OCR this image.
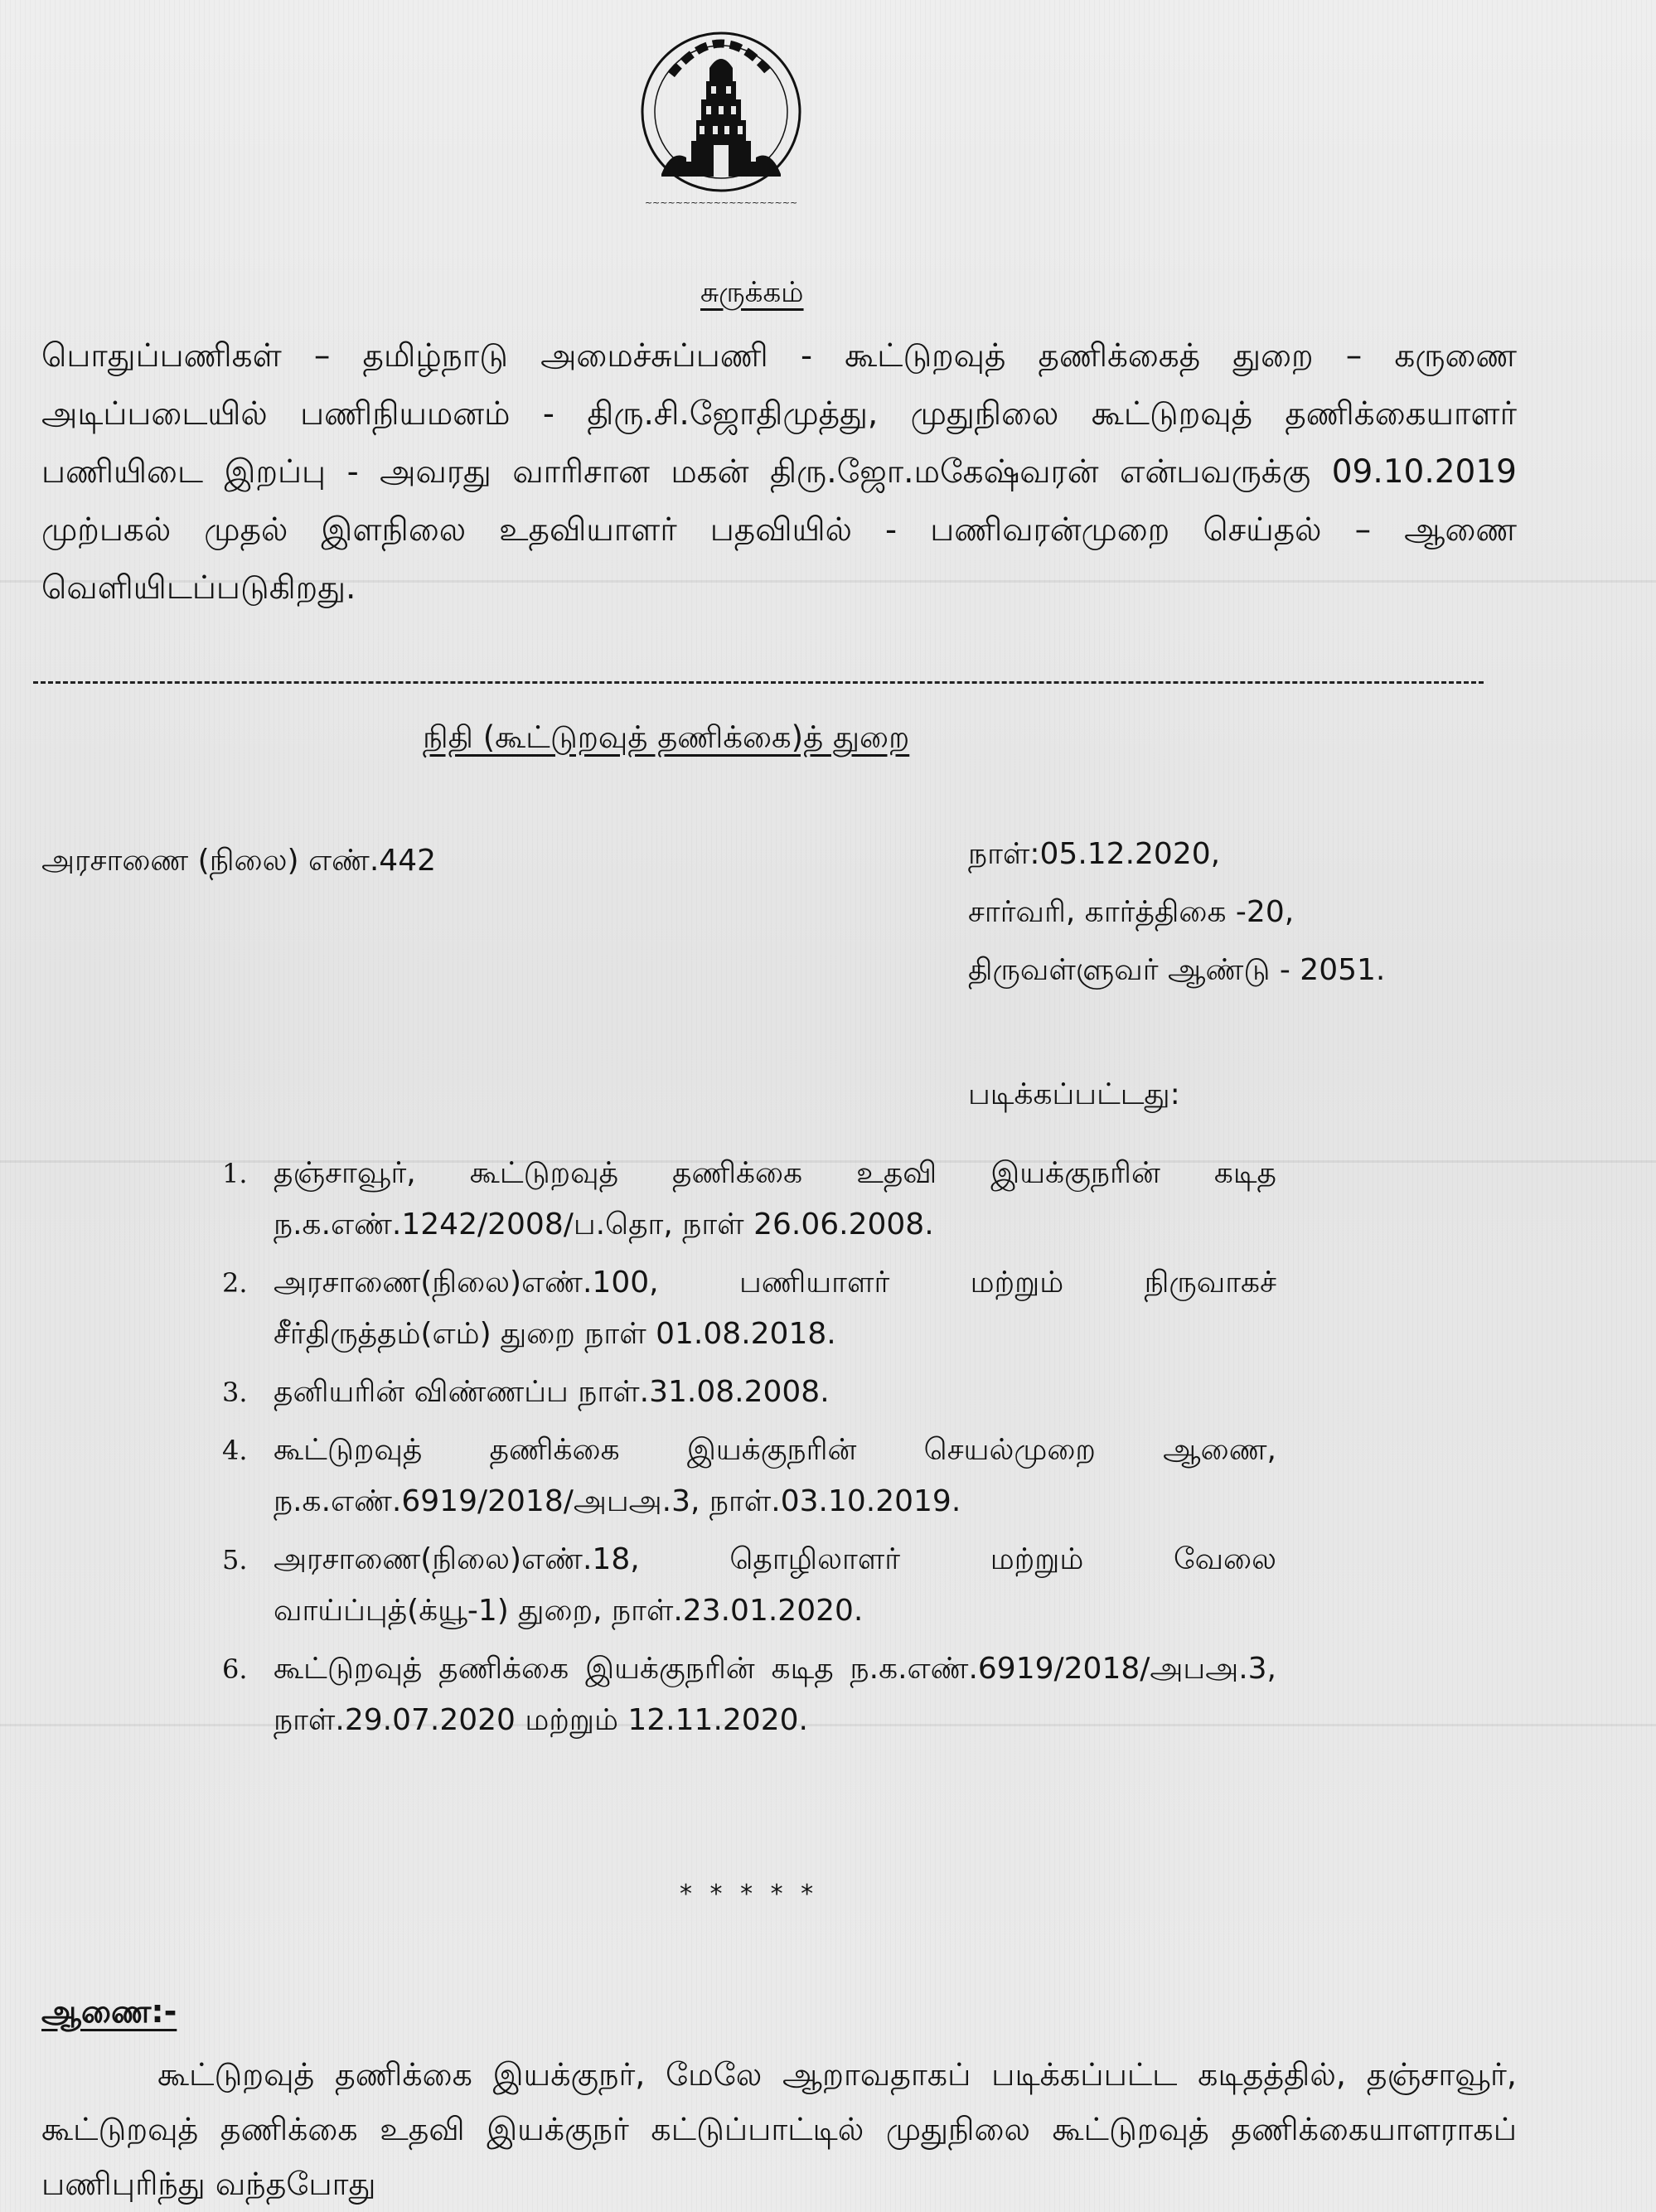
~~~~~~~~~~~~~~~~~~~~
சுருக்கம்
பொதுப்பணிகள் – தமிழ்நாடு அமைச்சுப்பணி - கூட்டுறவுத் தணிக்கைத் துறை – கருணை அடிப்படையில் பணிநியமனம் - திரு.சி.ஜோதிமுத்து, முதுநிலை கூட்டுறவுத் தணிக்கையாளர் பணியிடை இறப்பு - அவரது வாரிசான மகன் திரு.ஜோ.மகேஷ்வரன் என்பவருக்கு 09.10.2019 முற்பகல் முதல் இளநிலை உதவியாளர் பதவியில் - பணிவரன்முறை செய்தல் – ஆணை வெளியிடப்படுகிறது.
நிதி (கூட்டுறவுத் தணிக்கை)த் துறை
அரசாணை (நிலை) எண்.442	நாள்:05.12.2020,
சார்வரி, கார்த்திகை -20,
திருவள்ளுவர் ஆண்டு - 2051.
படிக்கப்பட்டது:
1. தஞ்சாவூர், கூட்டுறவுத் தணிக்கை உதவி இயக்குநரின் கடித ந.க.எண்.1242/2008/ப.தொ, நாள் 26.06.2008.
2. அரசாணை(நிலை)எண்.100, பணியாளர் மற்றும் நிருவாகச் சீர்திருத்தம்(எம்) துறை நாள் 01.08.2018.
3. தனியரின் விண்ணப்ப நாள்.31.08.2008.
4. கூட்டுறவுத் தணிக்கை இயக்குநரின் செயல்முறை ஆணை, ந.க.எண்.6919/2018/அபஅ.3, நாள்.03.10.2019.
5. அரசாணை(நிலை)எண்.18, தொழிலாளர் மற்றும் வேலை வாய்ப்புத்(க்யூ-1) துறை, நாள்.23.01.2020.
6. கூட்டுறவுத் தணிக்கை இயக்குநரின் கடித ந.க.எண்.6919/2018/அபஅ.3, நாள்.29.07.2020 மற்றும் 12.11.2020.
* * * * *
ஆணை:-
கூட்டுறவுத் தணிக்கை இயக்குநர், மேலே ஆறாவதாகப் படிக்கப்பட்ட கடிதத்தில், தஞ்சாவூர், கூட்டுறவுத் தணிக்கை உதவி இயக்குநர் கட்டுப்பாட்டில் முதுநிலை கூட்டுறவுத் தணிக்கையாளராகப் பணிபுரிந்து வந்தபோது
